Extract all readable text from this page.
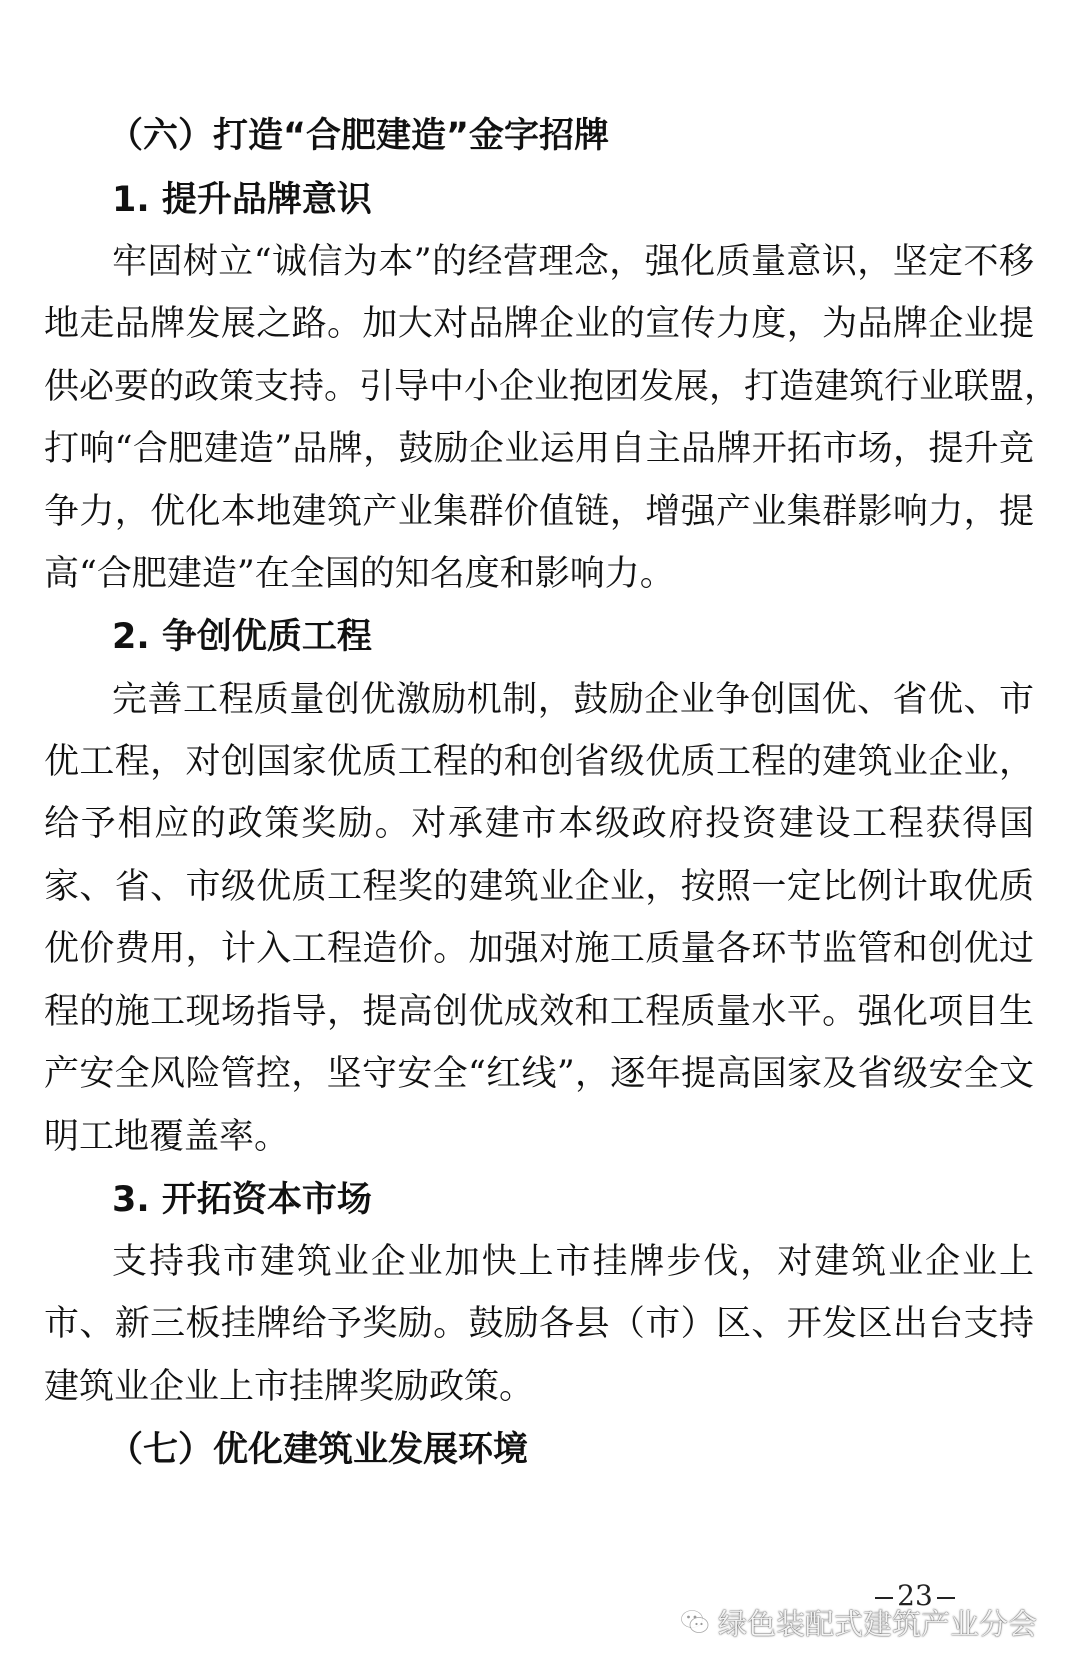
（六）打造“合肥建造”金字招牌
1. 提升品牌意识
牢固树立“诚信为本”的经营理念，强化质量意识，坚定不移
地走品牌发展之路。加大对品牌企业的宣传力度，为品牌企业提
供必要的政策支持。引导中小企业抱团发展，打造建筑行业联盟，
打响“合肥建造”品牌，鼓励企业运用自主品牌开拓市场，提升竞
争力，优化本地建筑产业集群价值链，增强产业集群影响力，提
高“合肥建造”在全国的知名度和影响力。
2. 争创优质工程
完善工程质量创优激励机制，鼓励企业争创国优、省优、市
优工程，对创国家优质工程的和创省级优质工程的建筑业企业，
给予相应的政策奖励。对承建市本级政府投资建设工程获得国
家、省、市级优质工程奖的建筑业企业，按照一定比例计取优质
优价费用，计入工程造价。加强对施工质量各环节监管和创优过
程的施工现场指导，提高创优成效和工程质量水平。强化项目生
产安全风险管控，坚守安全“红线”，逐年提高国家及省级安全文
明工地覆盖率。
3. 开拓资本市场
支持我市建筑业企业加快上市挂牌步伐，对建筑业企业上
市、新三板挂牌给予奖励。鼓励各县（市）区、开发区出台支持
建筑业企业上市挂牌奖励政策。
（七）优化建筑业发展环境
23
绿色装配式建筑产业分会
